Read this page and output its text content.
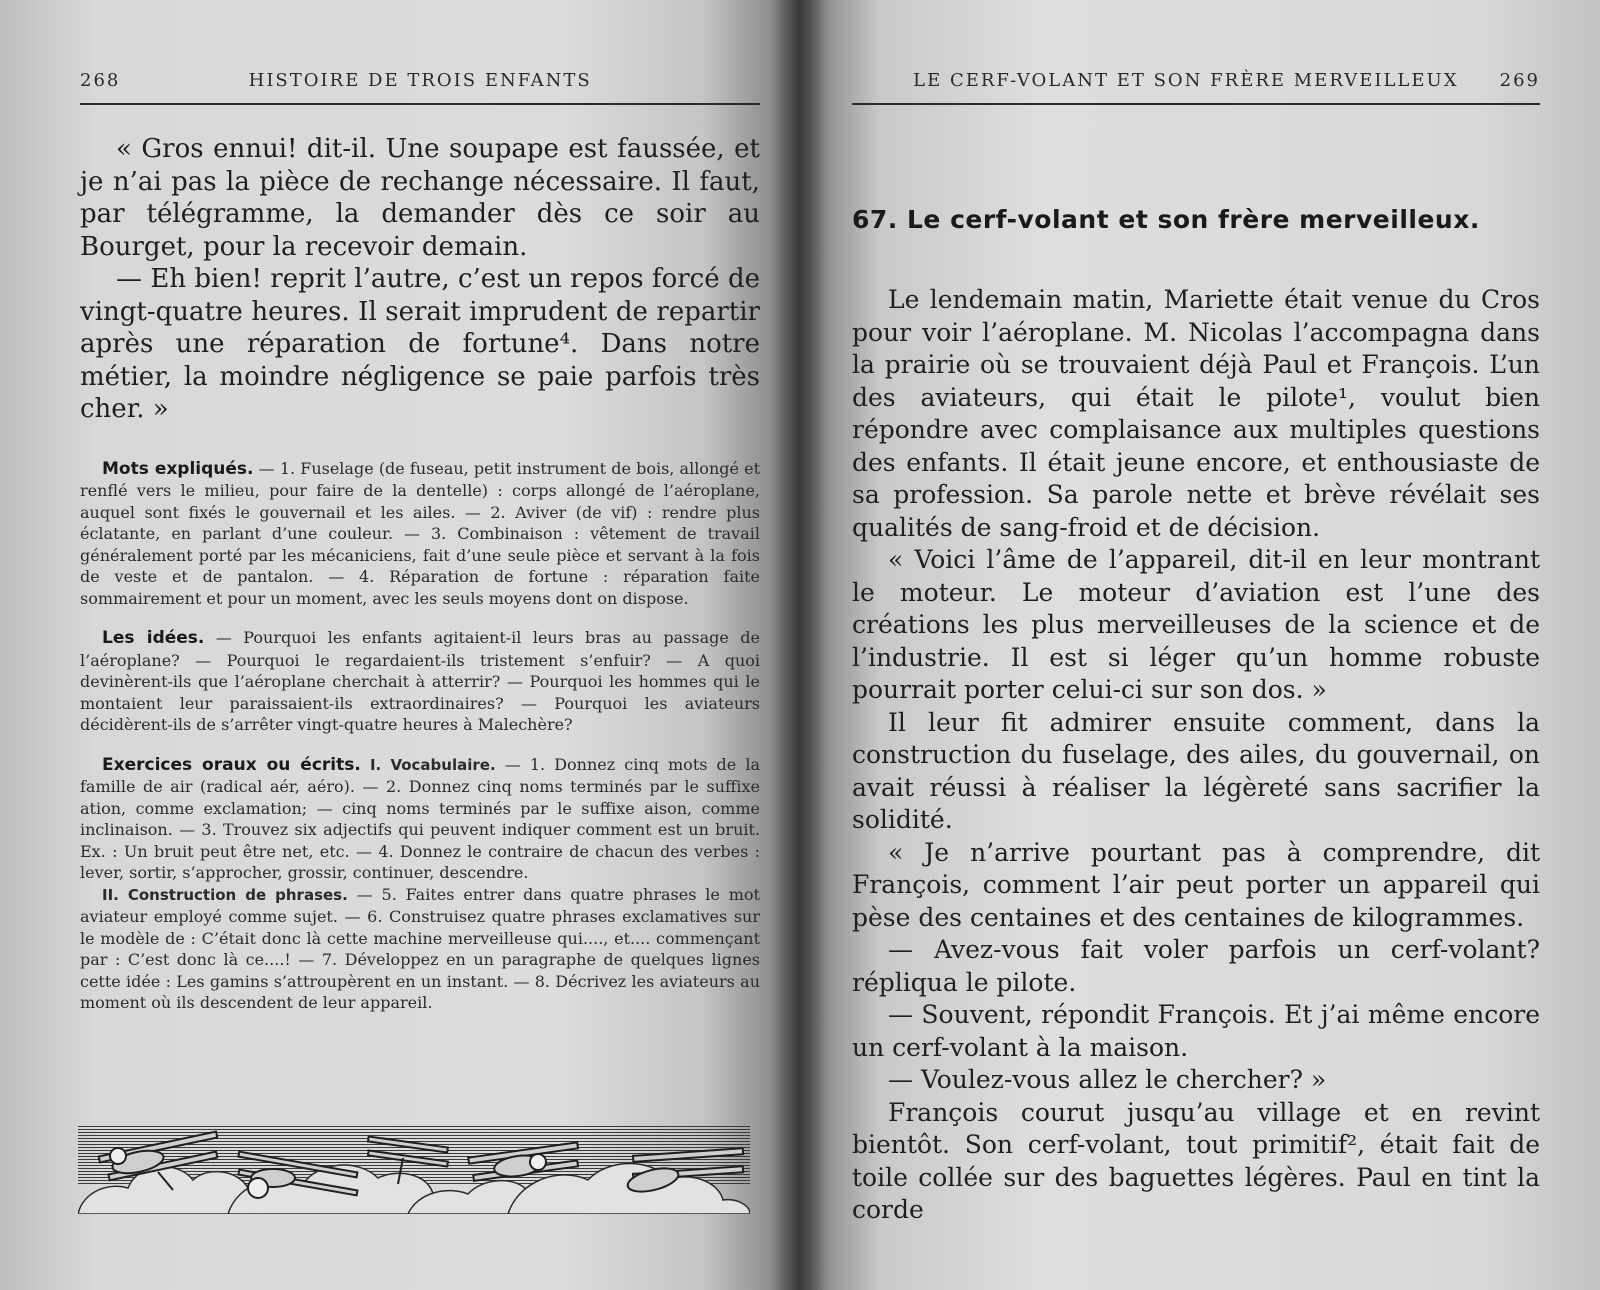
268	HISTOIRE DE TROIS ENFANTS

« Gros ennui! dit-il. Une soupape est faussée, et je n’ai pas la pièce de rechange nécessaire. Il faut, par télégramme, la demander dès ce soir au Bourget, pour la recevoir demain.

— Eh bien! reprit l’autre, c’est un repos forcé de vingt-quatre heures. Il serait imprudent de repartir après une réparation de fortune⁴. Dans notre métier, la moindre négligence se paie parfois très cher. »

Mots expliqués. — 1. Fuselage (de fuseau, petit instrument de bois, allongé et renflé vers le milieu, pour faire de la dentelle) : corps allongé de l’aéroplane, auquel sont fixés le gouvernail et les ailes. — 2. Aviver (de vif) : rendre plus éclatante, en parlant d’une couleur. — 3. Combinaison : vêtement de travail généralement porté par les mécaniciens, fait d’une seule pièce et servant à la fois de veste et de pantalon. — 4. Réparation de fortune : réparation faite sommairement et pour un moment, avec les seuls moyens dont on dispose.

Les idées. — Pourquoi les enfants agitaient-il leurs bras au passage de l’aéroplane? — Pourquoi le regardaient-ils tristement s’enfuir? — A quoi devinèrent-ils que l’aéroplane cherchait à atterrir? — Pourquoi les hommes qui le montaient leur paraissaient-ils extraordinaires? — Pourquoi les aviateurs décidèrent-ils de s’arrêter vingt-quatre heures à Malechère?

Exercices oraux ou écrits. I. Vocabulaire. — 1. Donnez cinq mots de la famille de air (radical aér, aéro). — 2. Donnez cinq noms terminés par le suffixe ation, comme exclamation; — cinq noms terminés par le suffixe aison, comme inclinaison. — 3. Trouvez six adjectifs qui peuvent indiquer comment est un bruit. Ex. : Un bruit peut être net, etc. — 4. Donnez le contraire de chacun des verbes : lever, sortir, s’approcher, grossir, continuer, descendre.

II. Construction de phrases. — 5. Faites entrer dans quatre phrases le mot aviateur employé comme sujet. — 6. Construisez quatre phrases exclamatives sur le modèle de : C’était donc là cette machine merveilleuse qui...., et.... commençant par : C’est donc là ce....! — 7. Développez en un paragraphe de quelques lignes cette idée : Les gamins s’attroupèrent en un instant. — 8. Décrivez les aviateurs au moment où ils descendent de leur appareil.

LE CERF-VOLANT ET SON FRÈRE MERVEILLEUX 269
67. Le cerf-volant et son frère merveilleux.

Le lendemain matin, Mariette était venue du Cros pour voir l’aéroplane. M. Nicolas l’accompagna dans la prairie où se trouvaient déjà Paul et François. L’un des aviateurs, qui était le pilote¹, voulut bien répondre avec complaisance aux multiples questions des enfants. Il était jeune encore, et enthousiaste de sa profession. Sa parole nette et brève révélait ses qualités de sang-froid et de décision.

« Voici l’âme de l’appareil, dit-il en leur montrant le moteur. Le moteur d’aviation est l’une des créations les plus merveilleuses de la science et de l’industrie. Il est si léger qu’un homme robuste pourrait porter celui-ci sur son dos. »

Il leur fit admirer ensuite comment, dans la construction du fuselage, des ailes, du gouvernail, on avait réussi à réaliser la légèreté sans sacrifier la solidité.

« Je n’arrive pourtant pas à comprendre, dit François, comment l’air peut porter un appareil qui pèse des centaines et des centaines de kilogrammes.

— Avez-vous fait voler parfois un cerf-volant? répliqua le pilote.

— Souvent, répondit François. Et j’ai même encore un cerf-volant à la maison.

— Voulez-vous allez le chercher? »

François courut jusqu’au village et en revint bientôt. Son cerf-volant, tout primitif², était fait de toile collée sur des baguettes légères. Paul en tint la corde
